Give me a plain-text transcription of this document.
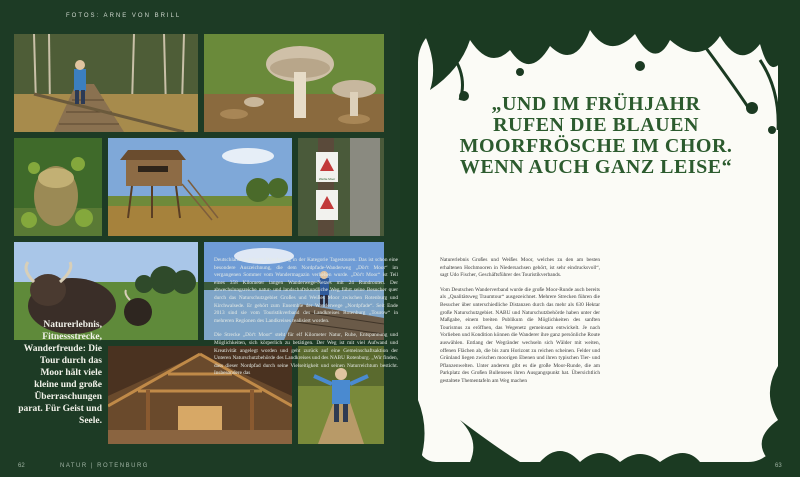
FOTOS: ARNE VON BRILL
Weiße Moor
Naturerlebnis, Fitnessstrecke, Wanderfreude: Die Tour durch das Moor hält viele kleine und große Überraschungen parat. Für Geist und Seele.

Deutschlands schönster Wanderweg in der Kategorie Tagestouren. Das ist schon eine besondere Auszeichnung, die dem Nordpfade-Wanderweg „Dör't Moor“ im vergangenen Sommer vom Wandermagazin verliehen wurde. „Dör't Moor“ ist Teil eines 358 Kilometer langen Wanderwege-Netzes mit 24 Rundrouten. Der abwechslungsreiche natur- und landschaftskundliche Weg führt seine Besucher quer durch das Naturschutzgebiet Großes und Weißes Moor zwischen Rotenburg und Kirchwalsede. Er gehört zum Ensemble der Wanderwege „Nordpfade“. Seit Ende 2013 sind sie vom Touristikverband des Landkreises Rotenburg „Tourow“ in mehreren Regionen des Landkreises realisiert worden.

Die Strecke „Dör't Moor“ steht für elf Kilometer Natur, Ruhe, Entspannung und Möglichkeiten, sich körperlich zu betätigen. Der Weg ist mit viel Aufwand und Kreativität angelegt worden und geht zurück auf eine Gemeinschaftsaktion der Unteren Naturschutzbehörde des Landkreises und des NABU Rotenburg. „Wir finden, dass dieser Nordpfad durch seine Vielseitigkeit und seinen Naturreichtum besticht. Insbesondere das

62	NATUR | ROTENBURG
„UND IM FRÜHJAHR RUFEN DIE BLAUEN MOORFRÖSCHE IM CHOR. WENN AUCH GANZ LEISE“

Naturerlebnis Großes und Weißes Moor, welches zu den am besten erhaltenen Hochmooren in Niedersachsen gehört, ist sehr eindrucksvoll“, sagt Udo Fischer, Geschäftsführer des Touristikverbands.

Vom Deutschen Wanderverband wurde die große Moor-Runde auch bereits als „Qualitätsweg Traumtour“ ausgezeichnet. Mehrere Strecken führen die Besucher über unterschiedliche Distanzen durch das mehr als 630 Hektar große Naturschutzgebiet. NABU und Naturschutzbehörde haben unter der Maßgabe, einem breiten Publikum die Möglichkeiten des sanften Tourismus zu eröffnen, das Wegenetz gemeinsam entwickelt. Je nach Vorlieben und Kondition können die Wanderer ihre ganz persönliche Route auswählen. Entlang der Wegränder wechseln sich Wälder mit weiten, offenen Flächen ab, die bis zum Horizont zu reichen scheinen. Felder und Grünland liegen zwischen moorigen Ebenen und ihren typischen Tier- und Pflanzenwelten. Unter anderem gibt es die große Moor-Runde, die am Parkplatz des Großen Bullensees ihren Ausgangspunkt hat. Übersichtlich gestaltete Thementafeln am Weg machen

63
